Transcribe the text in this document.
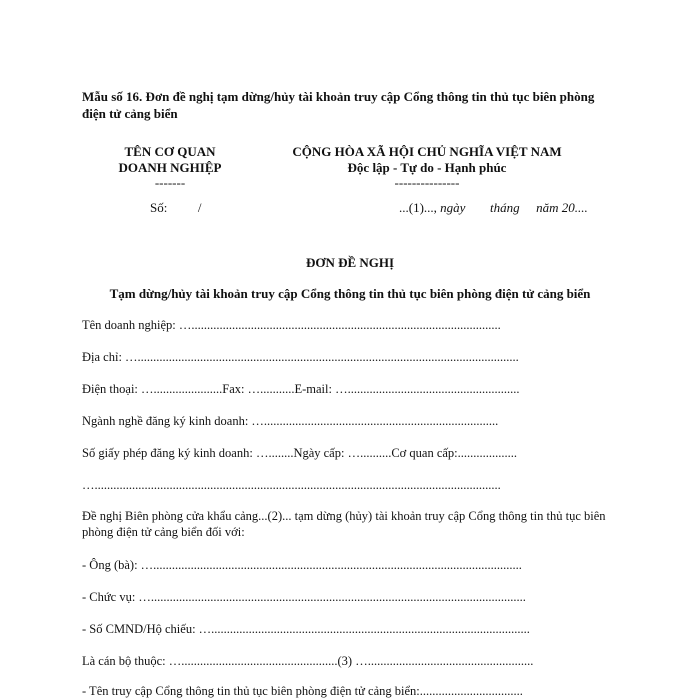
Mẫu số 16. Đơn đề nghị tạm dừng/hủy tài khoản truy cập Cổng thông tin thủ tục biên phòng điện tử cảng biển
TÊN CƠ QUAN
DOANH NGHIỆP
-------
Số: /
CỘNG HÒA XÃ HỘI CHỦ NGHĨA VIỆT NAM
Độc lập - Tự do - Hạnh phúc
---------------
...(1)..., ngày tháng năm 20....
ĐƠN ĐỀ NGHỊ
Tạm dừng/hủy tài khoản truy cập Cổng thông tin thủ tục biên phòng điện tử cảng biển
Tên doanh nghiệp: …...................................................................................................
Địa chỉ: …..........................................................................................................................
Điện thoại: …......................Fax: …...........E-mail: ….......................................................
Ngành nghề đăng ký kinh doanh: …...........................................................................
Số giấy phép đăng ký kinh doanh: …........Ngày cấp: …..........Cơ quan cấp:...................
…..................................................................................................................................
Đề nghị Biên phòng cửa khẩu cảng...(2)... tạm dừng (hủy) tài khoản truy cập Cổng thông tin thủ tục biên phòng điện tử cảng biển đối với:
- Ông (bà): …......................................................................................................................
- Chức vụ: …........................................................................................................................
- Số CMND/Hộ chiếu: …......................................................................................................
Là cán bộ thuộc: …..................................................(3) ….....................................................
- Tên truy cập Cổng thông tin thủ tục biên phòng điện tử cảng biển:.................................
